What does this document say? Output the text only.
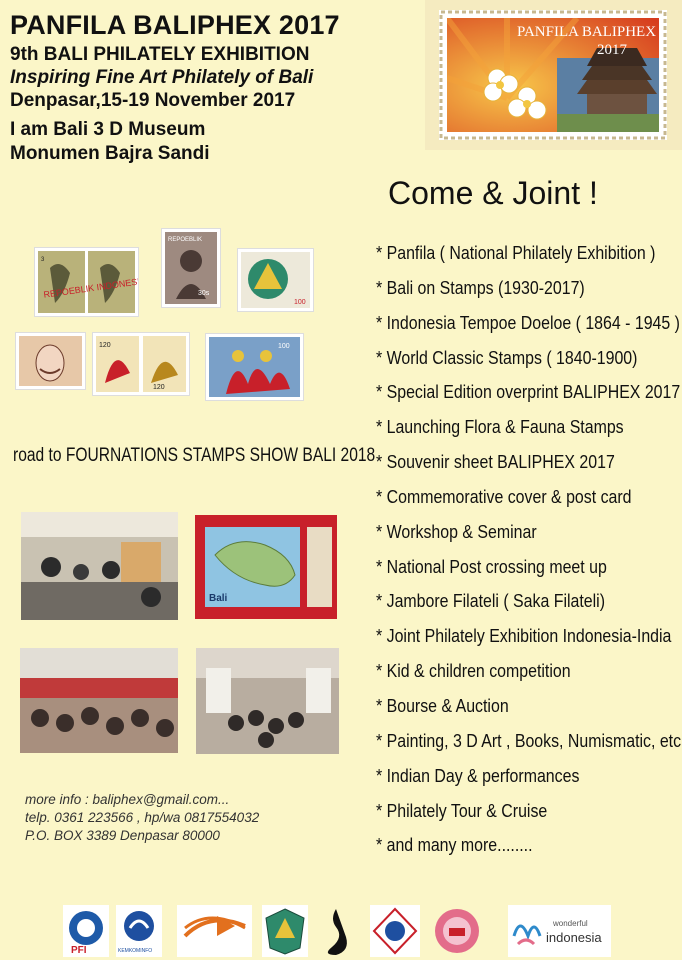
PANFILA BALIPHEX 2017
9th BALI PHILATELY EXHIBITION
Inspiring Fine Art Philately of Bali
Denpasar,15-19 November 2017
I am Bali 3 D Museum
Monumen Bajra Sandi
PANFILA BALIPHEX
2017
Come & Joint !
* Panfila ( National Philately Exhibition )
* Bali on Stamps (1930-2017)
* Indonesia Tempoe Doeloe ( 1864 - 1945 )
* World Classic Stamps ( 1840-1900)
* Special Edition overprint BALIPHEX 2017
* Launching Flora & Fauna Stamps
* Souvenir sheet BALIPHEX 2017
* Commemorative cover & post card
* Workshop & Seminar
* National Post crossing meet up
* Jambore Filateli ( Saka Filateli)
* Joint Philately Exhibition Indonesia-India
* Kid & children competition
* Bourse & Auction
* Painting, 3 D Art , Books, Numismatic, etc
* Indian Day & performances
* Philately Tour & Cruise
* and many more........
REPOEBLIK INDONESIA
3
REPOEBLIK
30s
100
120
120
100
road to FOURNATIONS STAMPS SHOW BALI 2018
Bali
more info : baliphex@gmail.com...
telp. 0361 223566 , hp/wa 0817554032
P.O. BOX 3389 Denpasar 80000
PFI	KEMKOMINFO
wonderful
indonesia
